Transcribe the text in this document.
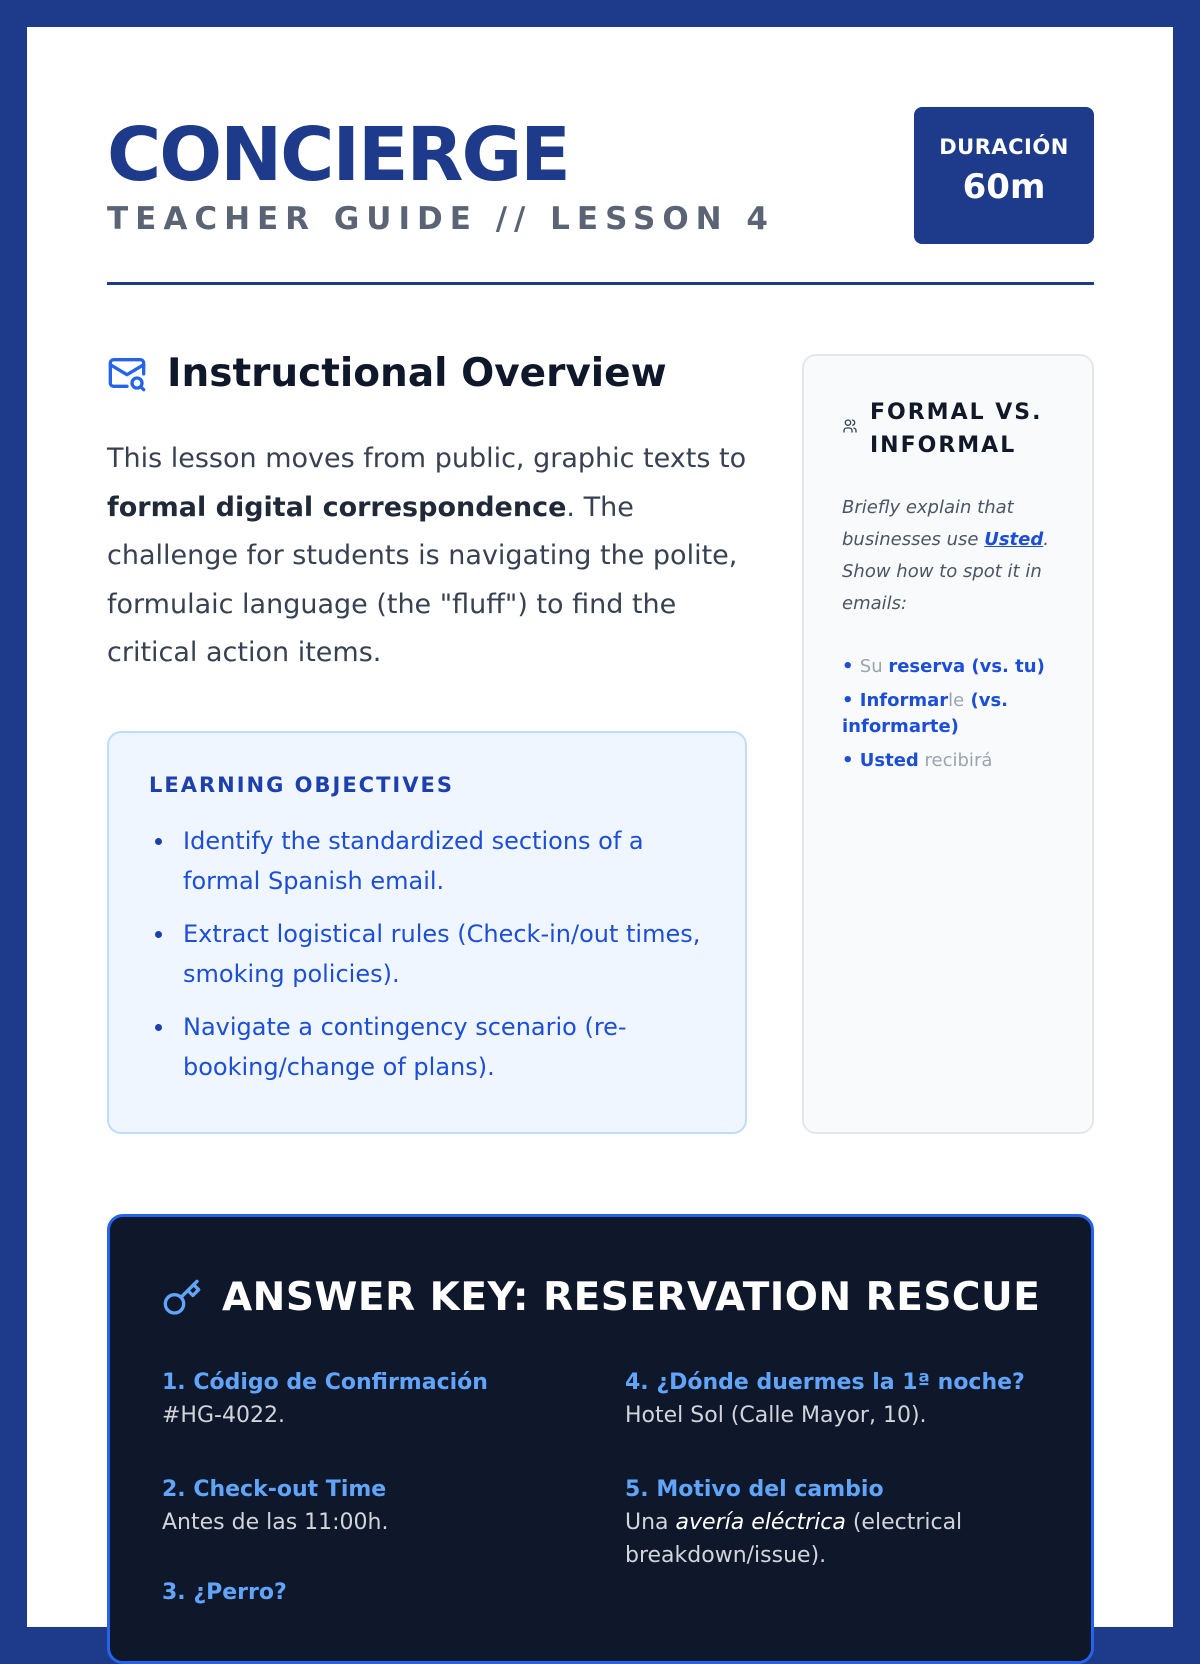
CONCIERGE
TEACHER GUIDE // LESSON 4
DURACIÓN
60m
Instructional Overview

This lesson moves from public, graphic texts to formal digital correspondence. The challenge for students is navigating the polite, formulaic language (the "fluff") to find the critical action items.

LEARNING OBJECTIVES
Identify the standardized sections of a formal Spanish email.
Extract logistical rules (Check-in/out times, smoking policies).
Navigate a contingency scenario (re-booking/change of plans).
FORMAL VS. INFORMAL

Briefly explain that businesses use Usted. Show how to spot it in emails:

• Su reserva (vs. tu)
• Informarle (vs. informarte)
• Usted recibirá
ANSWER KEY: RESERVATION RESCUE
1. Código de Confirmación
#HG-4022.
2. Check-out Time
Antes de las 11:00h.
3. ¿Perro?
4. ¿Dónde duermes la 1ª noche?
Hotel Sol (Calle Mayor, 10).
5. Motivo del cambio
Una avería eléctrica (electrical breakdown/issue).
